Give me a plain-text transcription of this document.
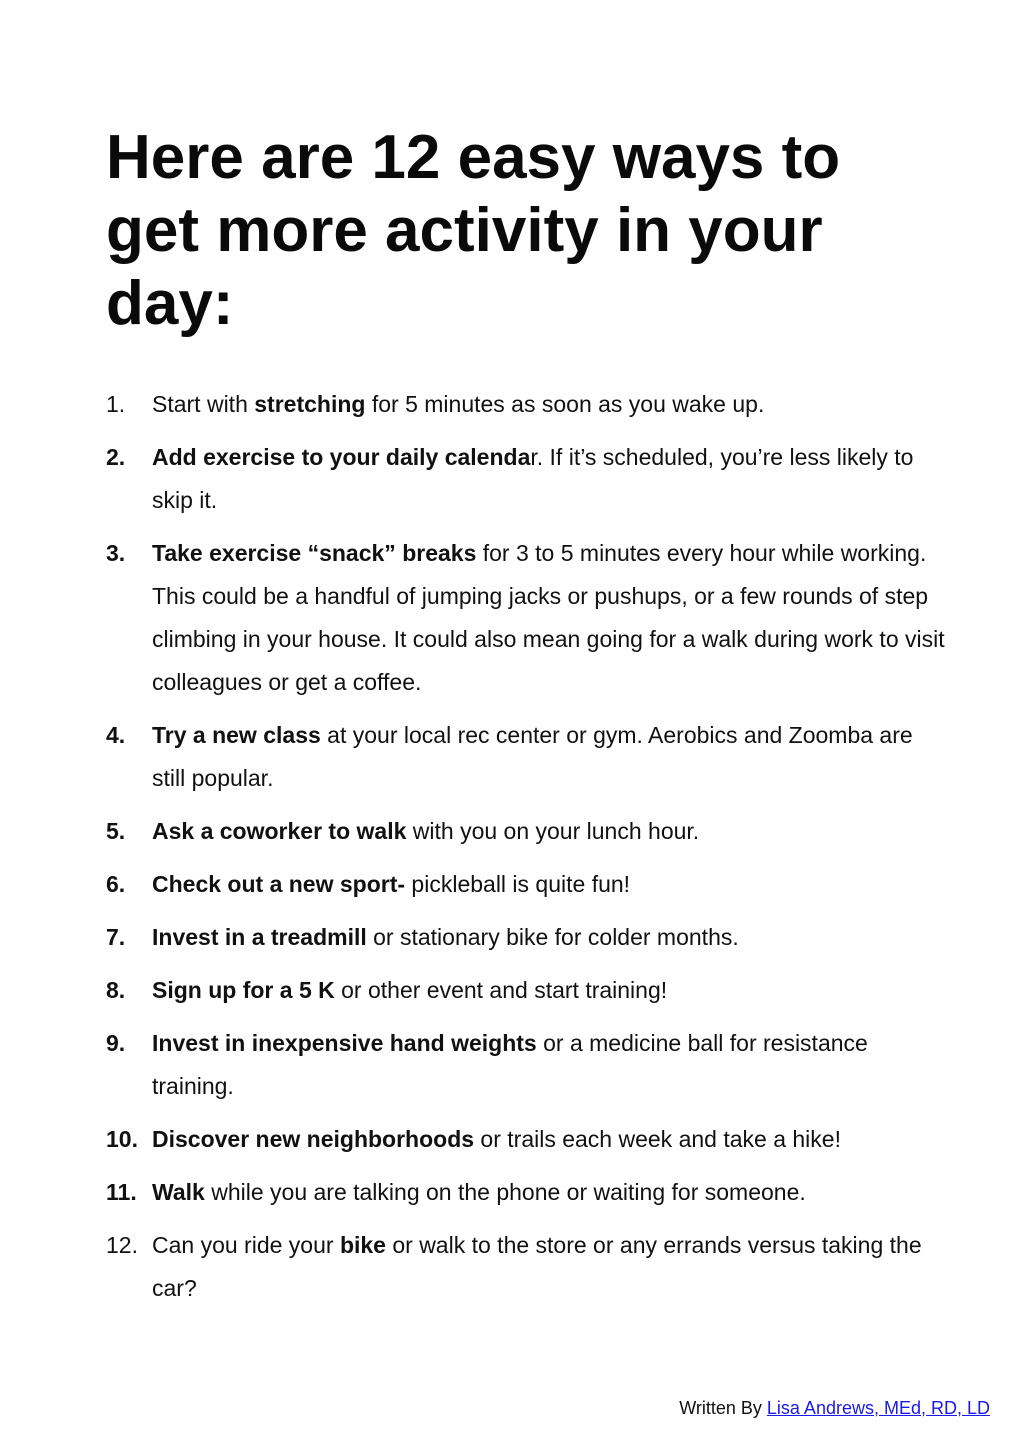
Here are 12 easy ways to get more activity in your day:
1. Start with stretching for 5 minutes as soon as you wake up.
2. Add exercise to your daily calendar. If it’s scheduled, you’re less likely to skip it.
3. Take exercise “snack” breaks for 3 to 5 minutes every hour while working. This could be a handful of jumping jacks or pushups, or a few rounds of step climbing in your house. It could also mean going for a walk during work to visit colleagues or get a coffee.
4. Try a new class at your local rec center or gym. Aerobics and Zoomba are still popular.
5. Ask a coworker to walk with you on your lunch hour.
6. Check out a new sport- pickleball is quite fun!
7. Invest in a treadmill or stationary bike for colder months.
8. Sign up for a 5 K or other event and start training!
9. Invest in inexpensive hand weights or a medicine ball for resistance training.
10. Discover new neighborhoods or trails each week and take a hike!
11. Walk while you are talking on the phone or waiting for someone.
12. Can you ride your bike or walk to the store or any errands versus taking the car?
Written By Lisa Andrews, MEd, RD, LD
